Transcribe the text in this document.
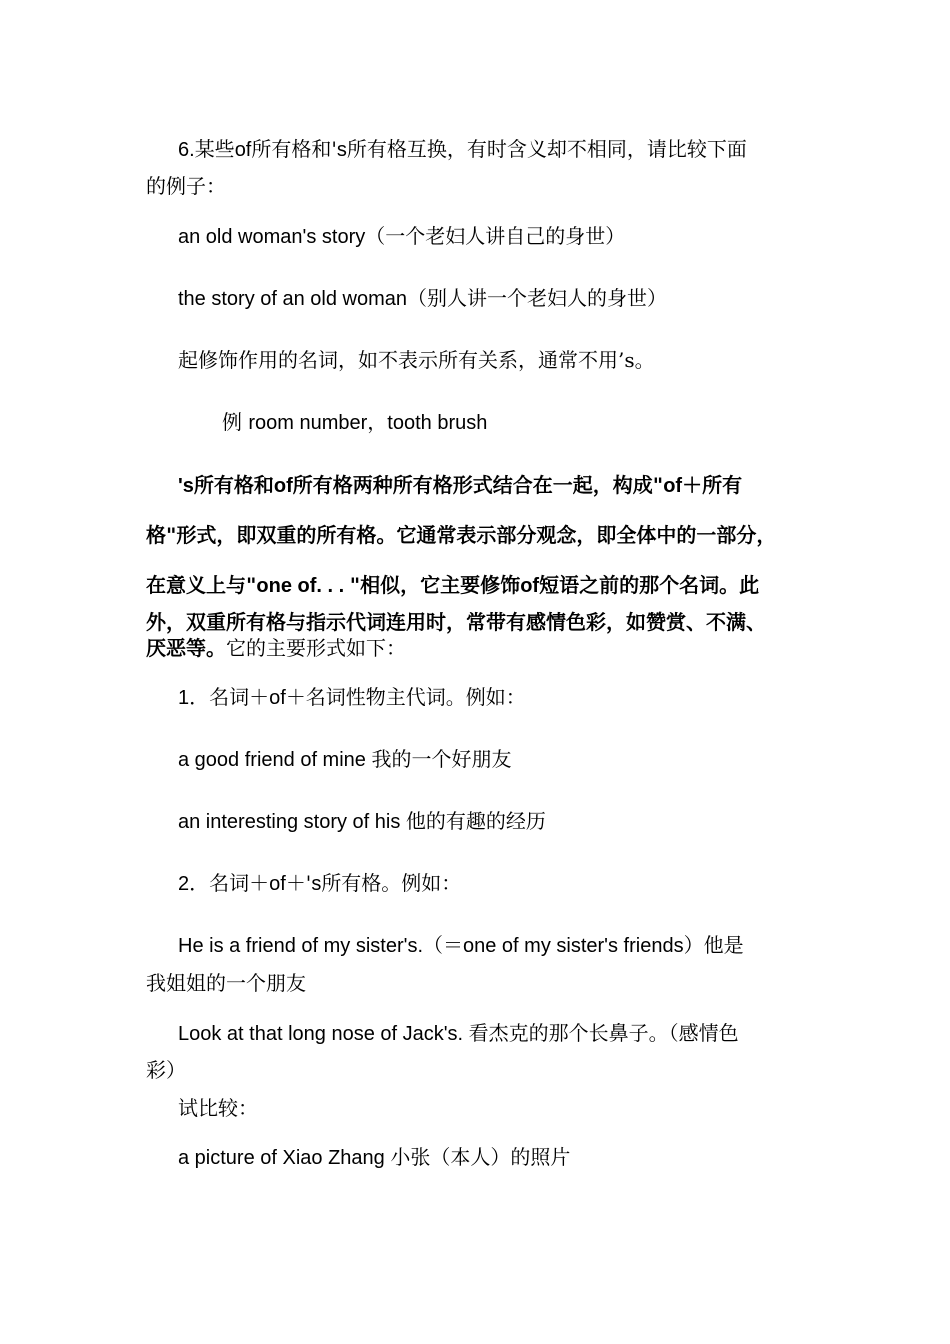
6.某些of所有格和's所有格互换，有时含义却不相同，请比较下面
的例子：
an old woman's story（一个老妇人讲自己的身世）
the story of an old woman（别人讲一个老妇人的身世）
起修饰作用的名词，如不表示所有关系，通常不用’s。
例 room number，tooth brush
's所有格和of所有格两种所有格形式结合在一起，构成"of＋所有
格"形式，即双重的所有格。它通常表示部分观念，即全体中的一部分，
在意义上与"one of. . . "相似，它主要修饰of短语之前的那个名词。此
外，双重所有格与指示代词连用时，常带有感情色彩，如赞赏、不满、
厌恶等。它的主要形式如下：
1．名词＋of＋名词性物主代词。例如：
a good friend of mine 我的一个好朋友
an interesting story of his 他的有趣的经历
2．名词＋of＋'s所有格。例如：
He is a friend of my sister's.（＝one of my sister's friends）他是
我姐姐的一个朋友
Look at that long nose of Jack's. 看杰克的那个长鼻子。（感情色
彩）
试比较：
a picture of Xiao Zhang 小张（本人）的照片
